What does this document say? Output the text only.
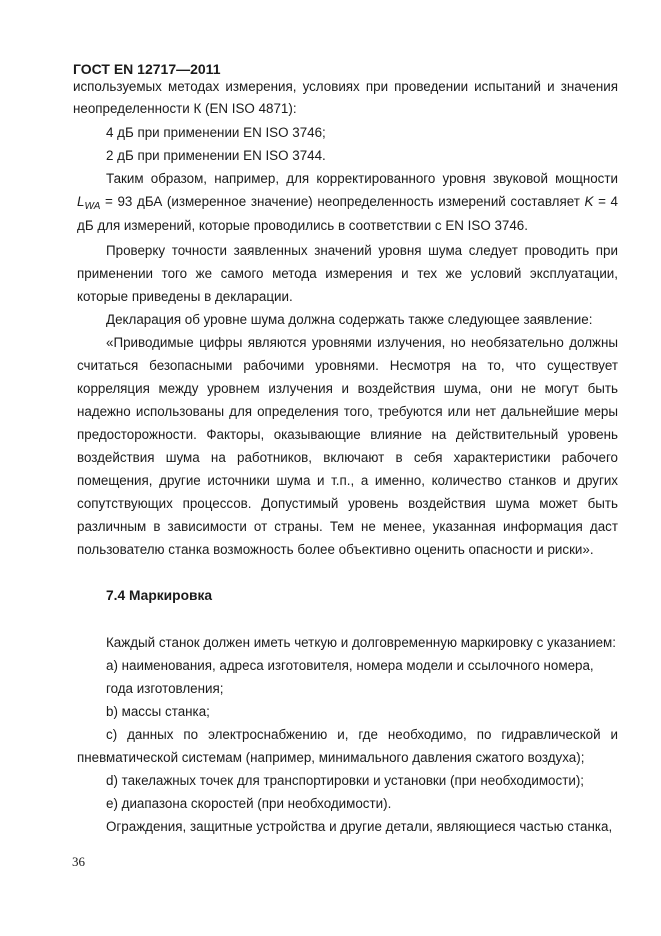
ГОСТ EN 12717—2011
используемых методах измерения, условиях при проведении испытаний и значения
неопределенности К (EN ISO 4871):
4 дБ при применении EN ISO 3746;
2 дБ при применении EN ISO 3744.
Таким образом, например, для корректированного уровня звуковой мощности
$L_{WA} = 93$ дБА (измеренное значение) неопределенность измерений составляет K = 4
дБ для измерений, которые проводились в соответствии с EN ISO 3746.
Проверку точности заявленных значений уровня шума следует проводить при
применении того же самого метода измерения и тех же условий эксплуатации,
которые приведены в декларации.
Декларация об уровне шума должна содержать также следующее заявление:
«Приводимые цифры являются уровнями излучения, но необязательно должны
считаться безопасными рабочими уровнями. Несмотря на то, что существует
корреляция между уровнем излучения и воздействия шума, они не могут быть
надежно использованы для определения того, требуются или нет дальнейшие меры
предосторожности. Факторы, оказывающие влияние на действительный уровень
воздействия шума на работников, включают в себя характеристики рабочего
помещения, другие источники шума и т.п., а именно, количество станков и других
сопутствующих процессов. Допустимый уровень воздействия шума может быть
различным в зависимости от страны. Тем не менее, указанная информация даст
пользователю станка возможность более объективно оценить опасности и риски».
7.4 Маркировка
Каждый станок должен иметь четкую и долговременную маркировку с указанием:
a) наименования, адреса изготовителя, номера модели и ссылочного номера,
года изготовления;
b) массы станка;
c) данных по электроснабжению и, где необходимо, по гидравлической и
пневматической системам (например, минимального давления сжатого воздуха);
d) такелажных точек для транспортировки и установки (при необходимости);
e) диапазона скоростей (при необходимости).
Ограждения, защитные устройства и другие детали, являющиеся частью станка,
36
